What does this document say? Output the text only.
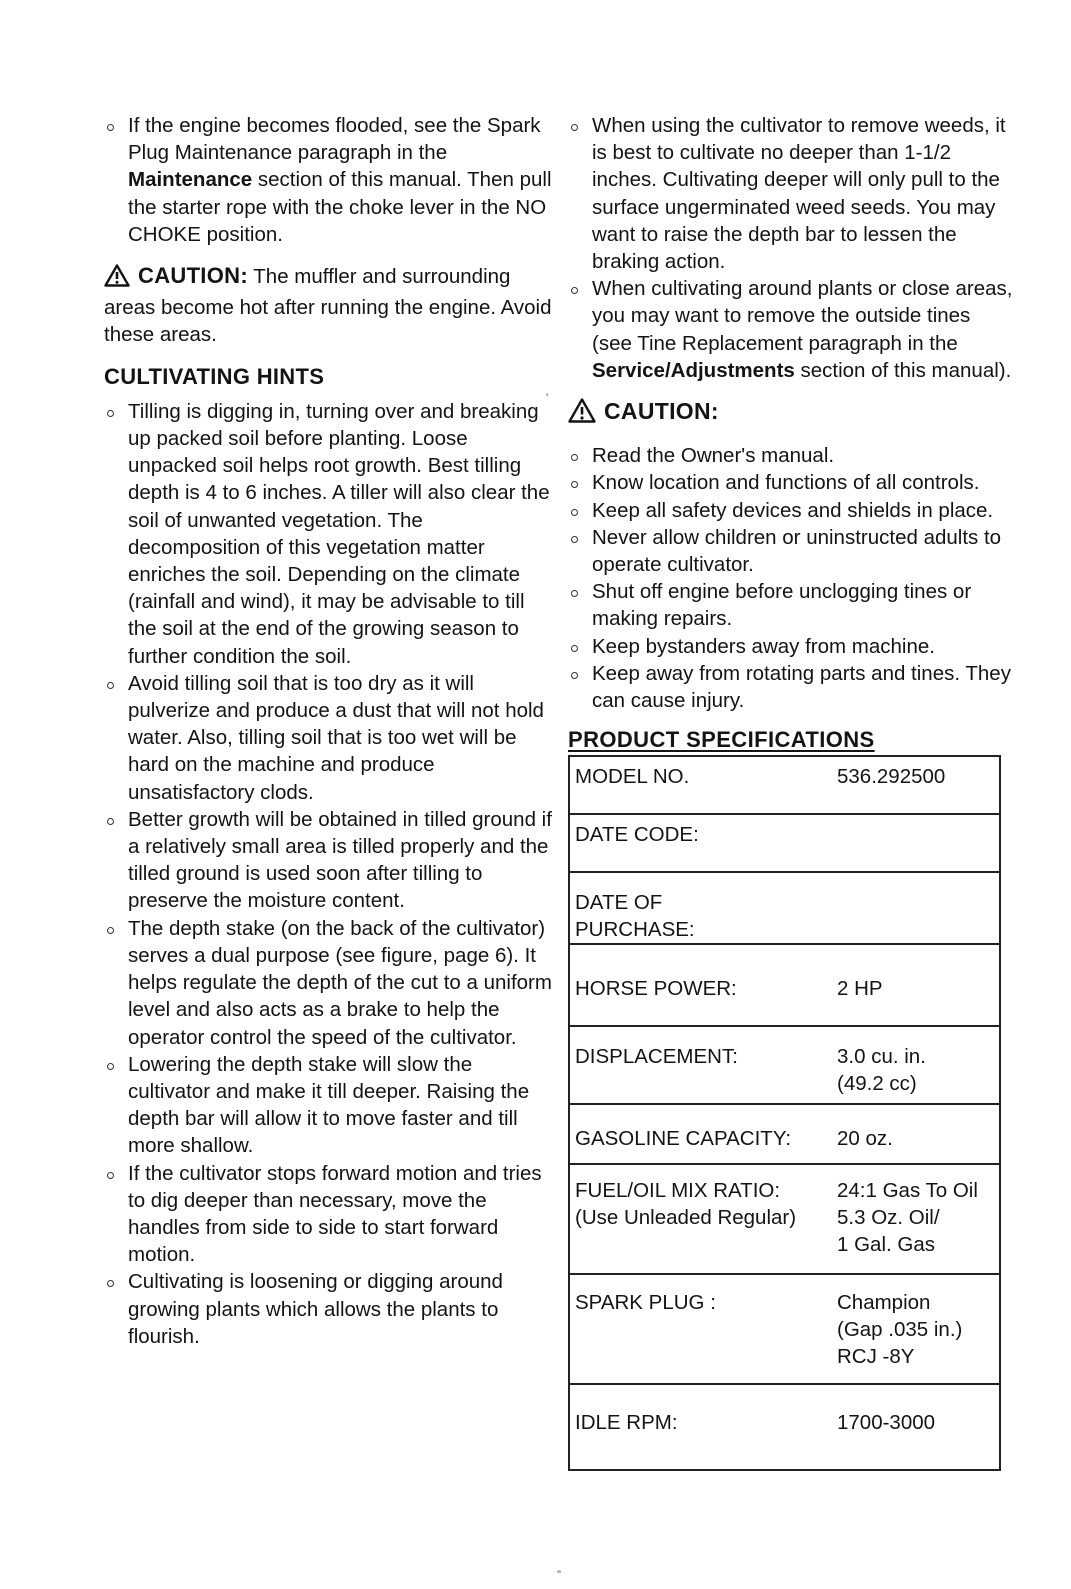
If the engine becomes flooded, see the Spark Plug Maintenance paragraph in the Maintenance section of this manual. Then pull the starter rope with the choke lever in the NO CHOKE position.
CAUTION: The muffler and surrounding areas become hot after running the engine. Avoid these areas.
CULTIVATING HINTS
Tilling is digging in, turning over and breaking up packed soil before planting. Loose unpacked soil helps root growth. Best tilling depth is 4 to 6 inches. A tiller will also clear the soil of unwanted vegetation. The decomposition of this vegetation matter enriches the soil. Depending on the climate (rainfall and wind), it may be advisable to till the soil at the end of the growing season to further condition the soil.
Avoid tilling soil that is too dry as it will pulverize and produce a dust that will not hold water. Also, tilling soil that is too wet will be hard on the machine and produce unsatisfactory clods.
Better growth will be obtained in tilled ground if a relatively small area is tilled properly and the tilled ground is used soon after tilling to preserve the moisture content.
The depth stake (on the back of the cultivator) serves a dual purpose (see figure, page 6). It helps regulate the depth of the cut to a uniform level and also acts as a brake to help the operator control the speed of the cultivator.
Lowering the depth stake will slow the cultivator and make it till deeper. Raising the depth bar will allow it to move faster and till more shallow.
If the cultivator stops forward motion and tries to dig deeper than necessary, move the handles from side to side to start forward motion.
Cultivating is loosening or digging around growing plants which allows the plants to flourish.
'
When using the cultivator to remove weeds, it is best to cultivate no deeper than 1-1/2 inches. Cultivating deeper will only pull to the surface ungerminated weed seeds. You may want to raise the depth bar to lessen the braking action.
When cultivating around plants or close areas, you may want to remove the outside tines (see Tine Replacement paragraph in the Service/Adjustments section of this manual).
CAUTION:
Read the Owner's manual.
Know location and functions of all controls.
Keep all safety devices and shields in place.
Never allow children or uninstructed adults to operate cultivator.
Shut off engine before unclogging tines or making repairs.
Keep bystanders away from machine.
Keep away from rotating parts and tines. They can cause injury.
PRODUCT SPECIFICATIONS
MODEL NO.	536.292500
DATE CODE:	
DATE OF
PURCHASE:	
HORSE POWER:	2 HP
DISPLACEMENT:	3.0 cu. in.
(49.2 cc)
GASOLINE CAPACITY:	20 oz.
FUEL/OIL MIX RATIO:
(Use Unleaded Regular)	24:1 Gas To Oil
5.3 Oz. Oil/
1 Gal. Gas
SPARK PLUG :	Champion
(Gap .035 in.)
RCJ -8Y
IDLE RPM:	1700-3000
”
